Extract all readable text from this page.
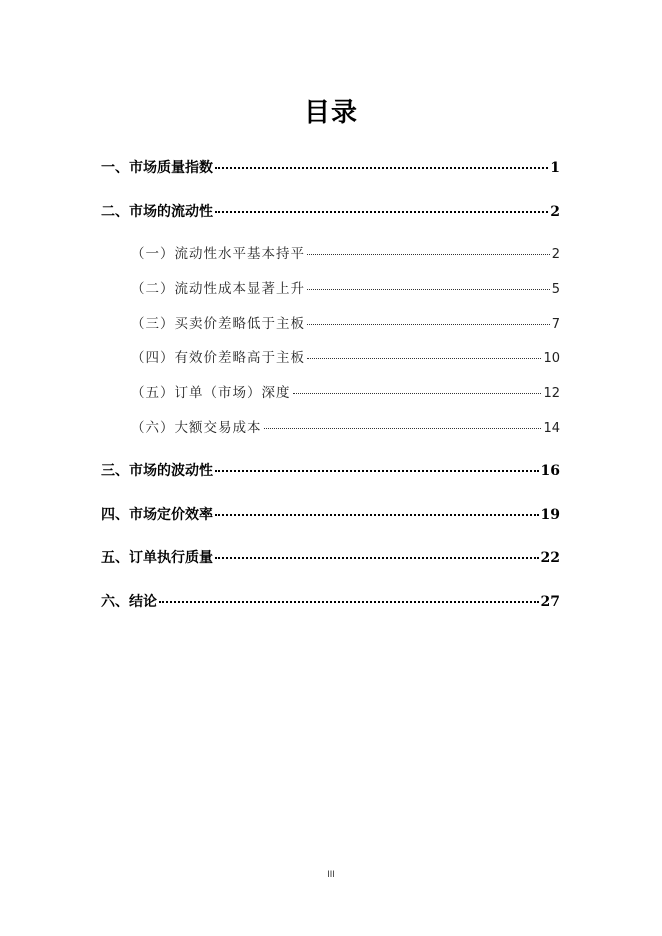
目录
一、市场质量指数	1
二、市场的流动性	2
（一）流动性水平基本持平	2
（二）流动性成本显著上升	5
（三）买卖价差略低于主板	7
（四）有效价差略高于主板	10
（五）订单（市场）深度	12
（六）大额交易成本	14
三、市场的波动性	16
四、市场定价效率	19
五、订单执行质量	22
六、结论	27
III
